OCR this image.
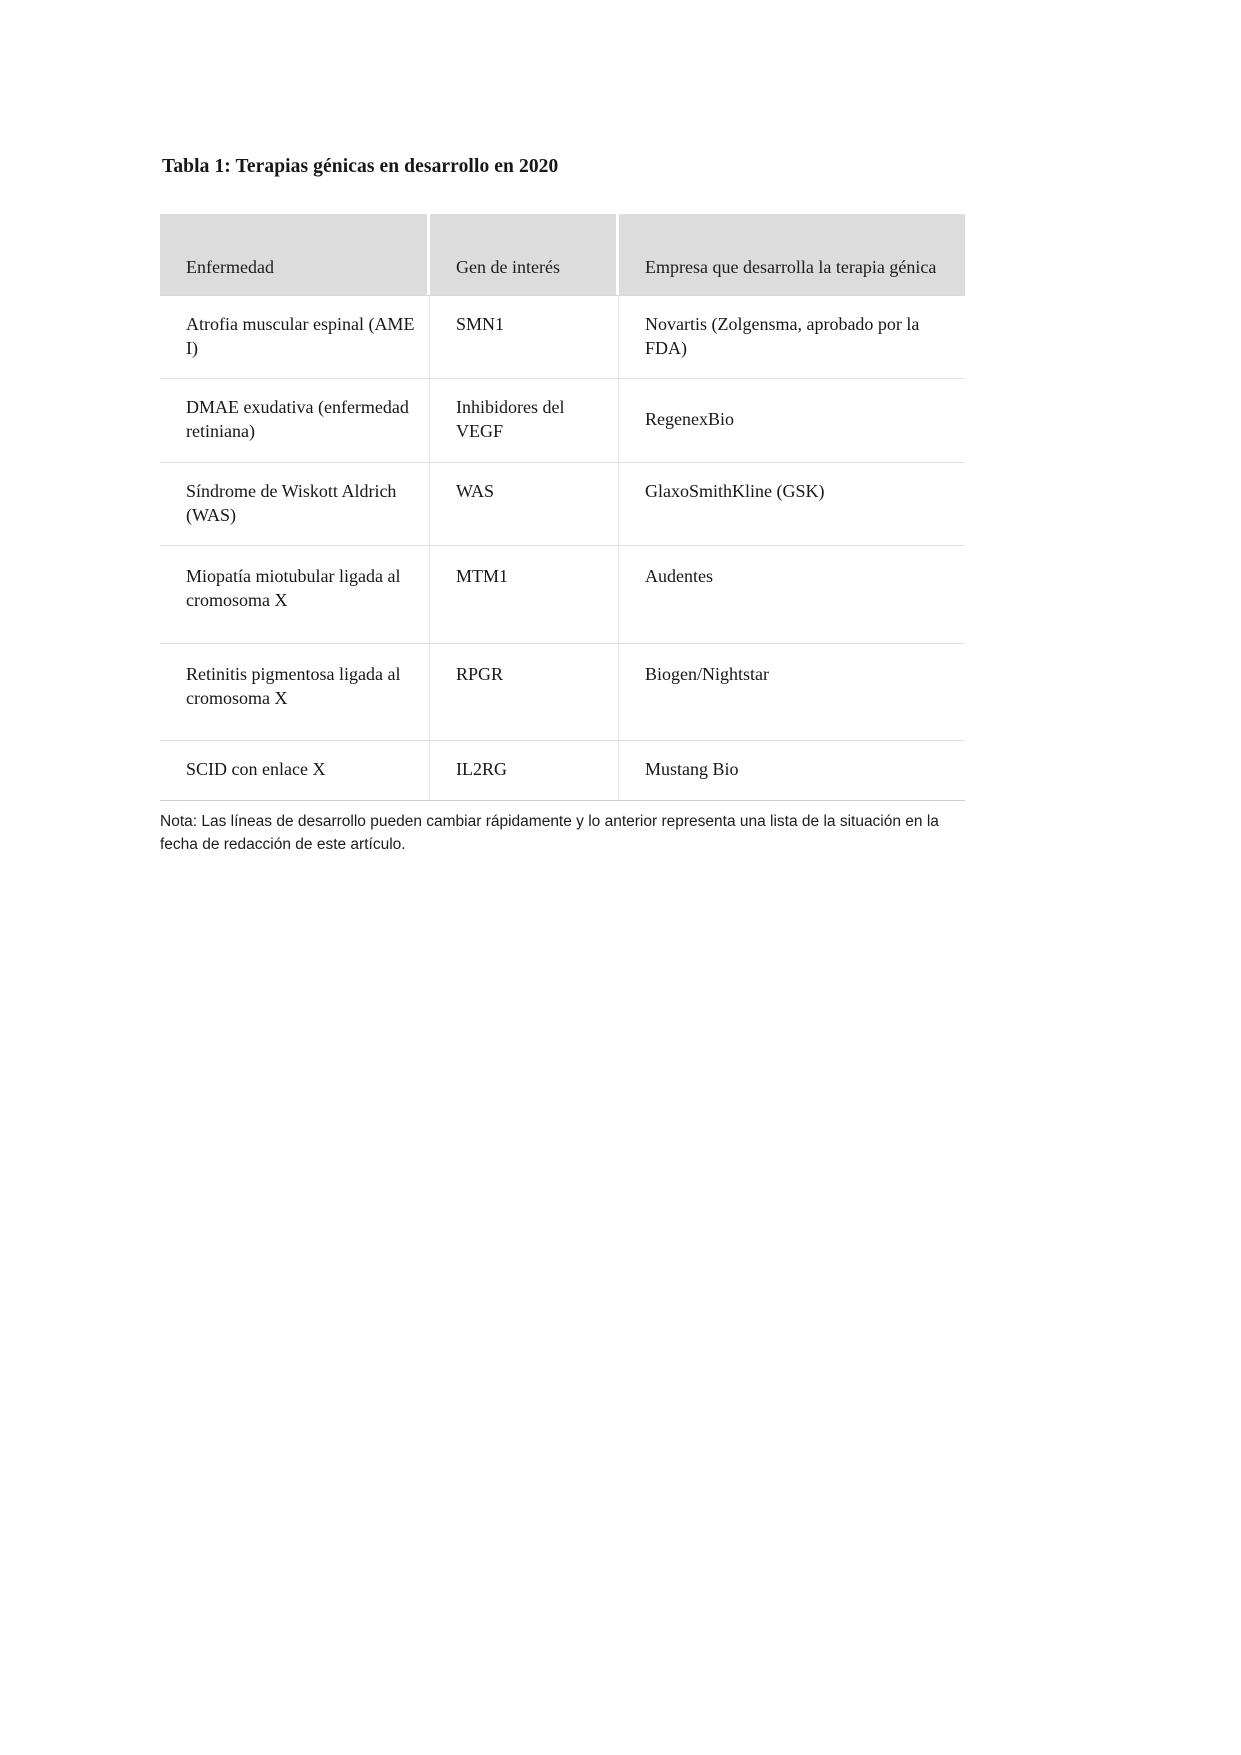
Tabla 1: Terapias génicas en desarrollo en 2020
Enfermedad	Gen de interés	Empresa que desarrolla la terapia génica
Atrofia muscular espinal (AME I)	SMN1	Novartis (Zolgensma, aprobado por la FDA)
DMAE exudativa (enfermedad retiniana)	Inhibidores del VEGF	RegenexBio
Síndrome de Wiskott Aldrich (WAS)	WAS	GlaxoSmithKline (GSK)
Miopatía miotubular ligada al cromosoma X	MTM1	Audentes
Retinitis pigmentosa ligada al cromosoma X	RPGR	Biogen/Nightstar
SCID con enlace X	IL2RG	Mustang Bio
Nota: Las líneas de desarrollo pueden cambiar rápidamente y lo anterior representa una lista de la situación en la fecha de redacción de este artículo.
